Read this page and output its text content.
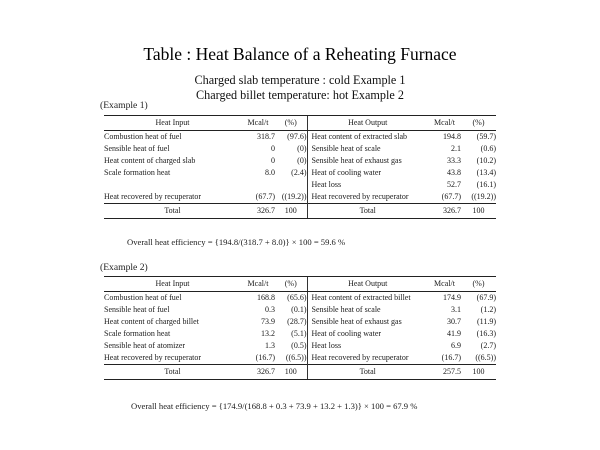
Table : Heat Balance of a Reheating Furnace
Charged slab temperature : cold Example 1
Charged billet temperature: hot Example 2
(Example 1)
Heat Input	Mcal/t	(%)	Heat Output	Mcal/t	(%)
Combustion heat of fuel	318.7	(97.6)	Heat content of extracted slab	194.8	(59.7)
Sensible heat of fuel	0	(0)	Sensible heat of scale	2.1	(0.6)
Heat content of charged slab	0	(0)	Sensible heat of exhaust gas	33.3	(10.2)
Scale formation heat	8.0	(2.4)	Heat of cooling water	43.8	(13.4)
			Heat loss	52.7	(16.1)
Heat recovered by recuperator	(67.7)	((19.2))	Heat recovered by recuperator	(67.7)	((19.2))
Total	326.7	100	Total	326.7	100
Overall heat efficiency = {194.8/(318.7 + 8.0)} × 100 = 59.6 %
(Example 2)
Heat Input	Mcal/t	(%)	Heat Output	Mcal/t	(%)
Combustion heat of fuel	168.8	(65.6)	Heat content of extracted billet	174.9	(67.9)
Sensible heat of fuel	0.3	(0.1)	Sensible heat of scale	3.1	(1.2)
Heat content of charged billet	73.9	(28.7)	Sensible heat of exhaust gas	30.7	(11.9)
Scale formation heat	13.2	(5.1)	Heat of cooling water	41.9	(16.3)
Sensible heat of atomizer	1.3	(0.5)	Heat loss	6.9	(2.7)
Heat recovered by recuperator	(16.7)	((6.5))	Heat recovered by recuperator	(16.7)	((6.5))
Total	326.7	100	Total	257.5	100
Overall heat efficiency = {174.9/(168.8 + 0.3 + 73.9 + 13.2 + 1.3)} × 100 = 67.9 %
